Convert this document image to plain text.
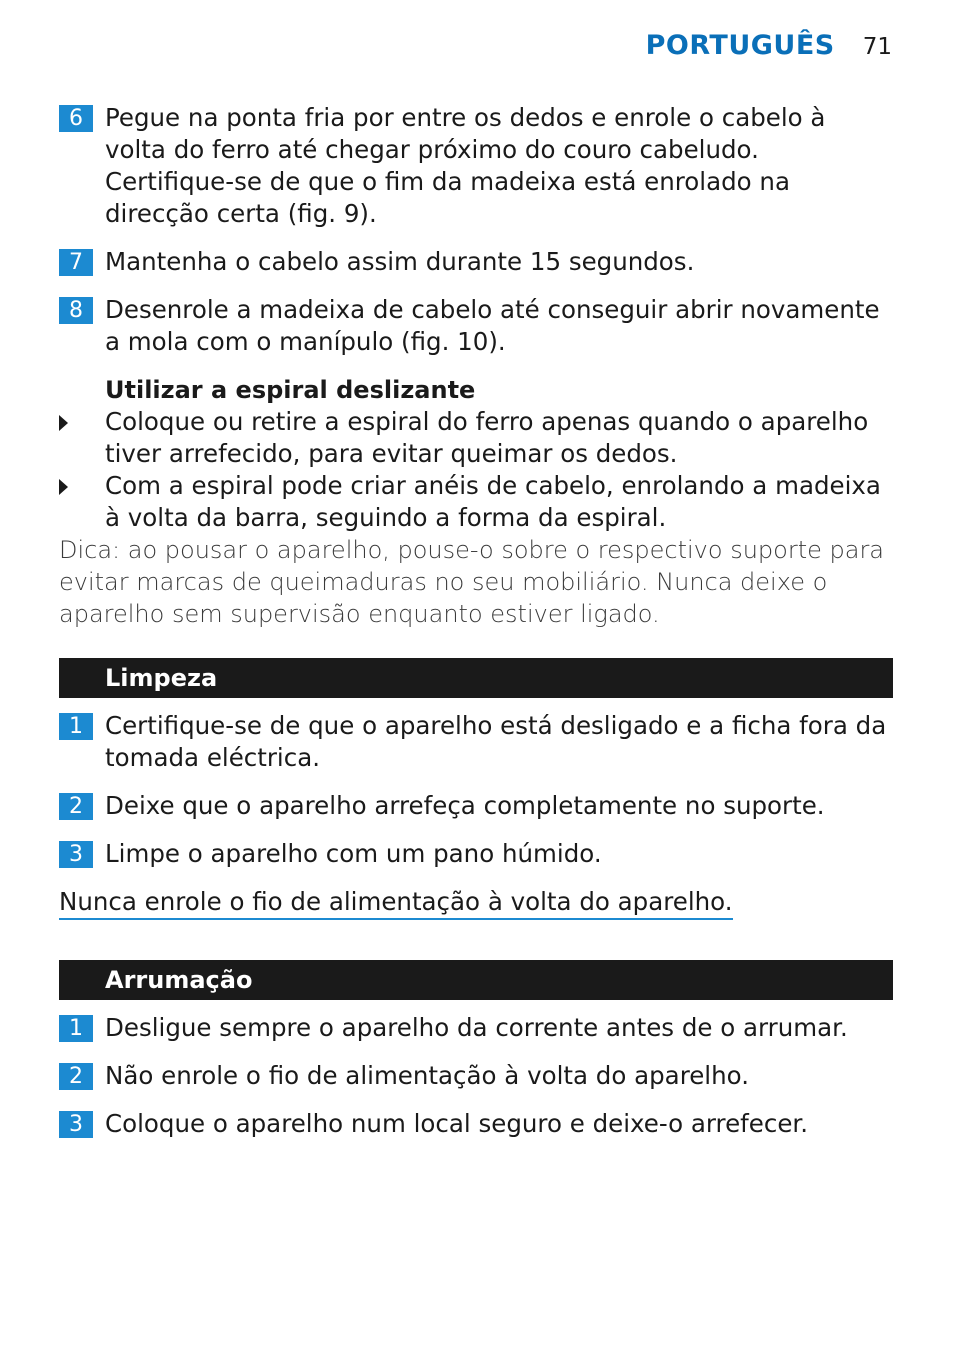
PORTUGUÊS 71
6 Pegue na ponta fria por entre os dedos e enrole o cabelo à volta do ferro até chegar próximo do couro cabeludo. Certifique-se de que o fim da madeixa está enrolado na direcção certa (fig. 9).
7 Mantenha o cabelo assim durante 15 segundos.
8 Desenrole a madeixa de cabelo até conseguir abrir novamente a mola com o manípulo (fig. 10).
Utilizar a espiral deslizante
Coloque ou retire a espiral do ferro apenas quando o aparelho tiver arrefecido, para evitar queimar os dedos.
Com a espiral pode criar anéis de cabelo, enrolando a madeixa à volta da barra, seguindo a forma da espiral.
Dica: ao pousar o aparelho, pouse-o sobre o respectivo suporte para evitar marcas de queimaduras no seu mobiliário. Nunca deixe o aparelho sem supervisão enquanto estiver ligado.
Limpeza
1 Certifique-se de que o aparelho está desligado e a ficha fora da tomada eléctrica.
2 Deixe que o aparelho arrefeça completamente no suporte.
3 Limpe o aparelho com um pano húmido.
Nunca enrole o fio de alimentação à volta do aparelho.
Arrumação
1 Desligue sempre o aparelho da corrente antes de o arrumar.
2 Não enrole o fio de alimentação à volta do aparelho.
3 Coloque o aparelho num local seguro e deixe-o arrefecer.
